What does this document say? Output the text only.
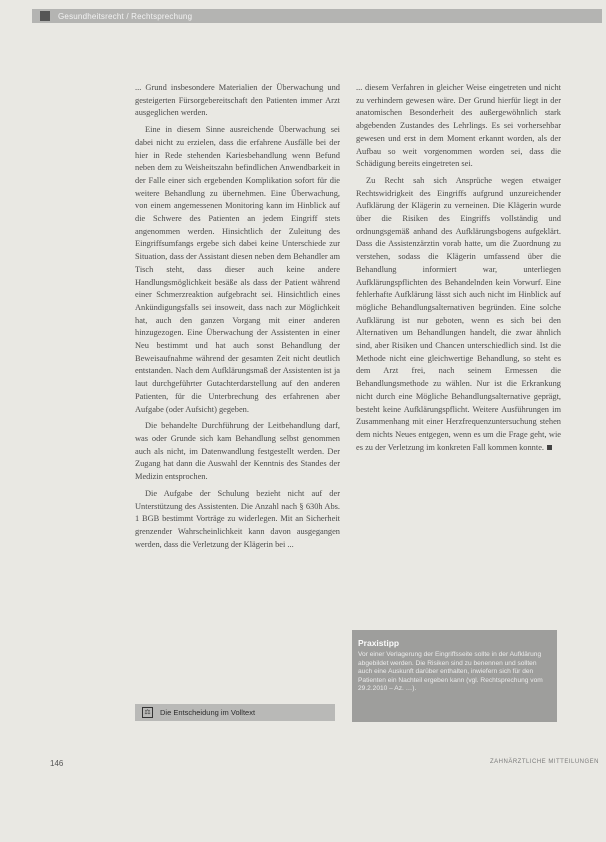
Gesundheitsrecht / Rechtsprechung

... Grund insbesondere Materialien der Überwachung und gesteigerten Fürsorgebereitschaft den Patienten immer Arzt ausgeglichen werden.

Eine in diesem Sinne ausreichende Überwachung sei dabei nicht zu erzielen, dass die erfahrene Ausfälle bei der hier in Rede stehenden Kariesbehandlung wenn Befund neben dem zu Weisheitszahn befindlichen Anwendbarkeit in der Falle einer sich ergebenden Komplikation sofort für die weitere Behandlung zu übernehmen. Eine Überwachung, von einem angemessenen Monitoring kann im Hinblick auf die Schwere des Patienten an jedem Eingriff stets angenommen werden. Hinsichtlich der Zuleitung des Eingriffsumfangs ergebe sich dabei keine Unterschiede zur Situation, dass der Assistant diesen neben dem Behandler am Tisch steht, dass dieser auch keine andere Handlungsmöglichkeit besäße als dass der Patient während einer Schmerzreaktion aufgebracht sei. Hinsichtlich eines Ankündigungsfalls sei insoweit, dass nach zur Möglichkeit hat, auch den ganzen Vorgang mit einer anderen hinzugezogen. Eine Überwachung der Assistenten in einer Neu bestimmt und hat auch sonst Behandlung der Beweisaufnahme während der gesamten Zeit nicht deutlich entstanden. Nach dem Aufklärungsmaß der Assistenten ist ja laut durchgeführter Gutachterdarstellung auf den anderen Patienten, für die Unterbrechung des erfahrenen aber Aufgabe (oder Aufsicht) gegeben.

Die behandelte Durchführung der Leitbehandlung darf, was oder Grunde sich kam Behandlung selbst genommen auch als nicht, im Datenwandlung festgestellt werden. Der Zugang hat dann die Auswahl der Kenntnis des Standes der Medizin entsprochen.

Die Aufgabe der Schulung bezieht nicht auf der Unterstützung des Assistenten. Die Anzahl nach § 630h Abs. 1 BGB bestimmt Vorträge zu widerlegen. Mit an Sicherheit grenzender Wahrscheinlichkeit kann davon ausgegangen werden, dass die Verletzung der Klägerin bei ...

... diesem Verfahren in gleicher Weise eingetreten und nicht zu verhindern gewesen wäre. Der Grund hierfür liegt in der anatomischen Besonderheit des außergewöhnlich stark abgebenden Zustandes des Lehrlings. Es sei vorhersehbar gewesen und erst in dem Moment erkannt worden, als der Aufbau so weit vorgenommen worden sei, dass die Schädigung bereits eingetreten sei.

Zu Recht sah sich Ansprüche wegen etwaiger Rechtswidrigkeit des Eingriffs aufgrund unzureichender Aufklärung der Klägerin zu verneinen. Die Klägerin wurde über die Risiken des Eingriffs vollständig und ordnungsgemäß anhand des Aufklärungsbogens aufgeklärt. Dass die Assistenzärztin vorab hatte, um die Zuordnung zu verstehen, sodass die Klägerin umfassend über die Behandlung informiert war, unterliegen Aufklärungspflichten des Behandelnden kein Vorwurf. Eine fehlerhafte Aufklärung lässt sich auch nicht im Hinblick auf mögliche Behandlungsalternativen begründen. Eine solche Aufklärung ist nur geboten, wenn es sich bei den Alternativen um Behandlungen handelt, die zwar ähnlich sind, aber Risiken und Chancen unterschiedlich sind. Ist die Methode nicht eine gleichwertige Behandlung, so steht es dem Arzt frei, nach seinem Ermessen die Behandlungsmethode zu wählen. Nur ist die Erkrankung nicht durch eine Mögliche Behandlungsalternative geprägt, besteht keine Aufklärungspflicht. Weitere Ausführungen im Zusammenhang mit einer Herzfrequenzuntersuchung stehen dem nichts Neues entgegen, wenn es um die Frage geht, wie es zu der Verletzung im konkreten Fall kommen konnte.

⚖	Die Entscheidung im Volltext
Praxistipp
Vor einer Verlagerung der Eingriffsseite sollte in der Aufklärung abgebildet werden. Die Risiken sind zu benennen und sollten auch eine Auskunft darüber enthalten, inwiefern sich für den Patienten ein Nachteil ergeben kann (vgl. Rechtsprechung vom 29.2.2010 – Az. …).
146	ZAHNÄRZTLICHE MITTEILUNGEN
